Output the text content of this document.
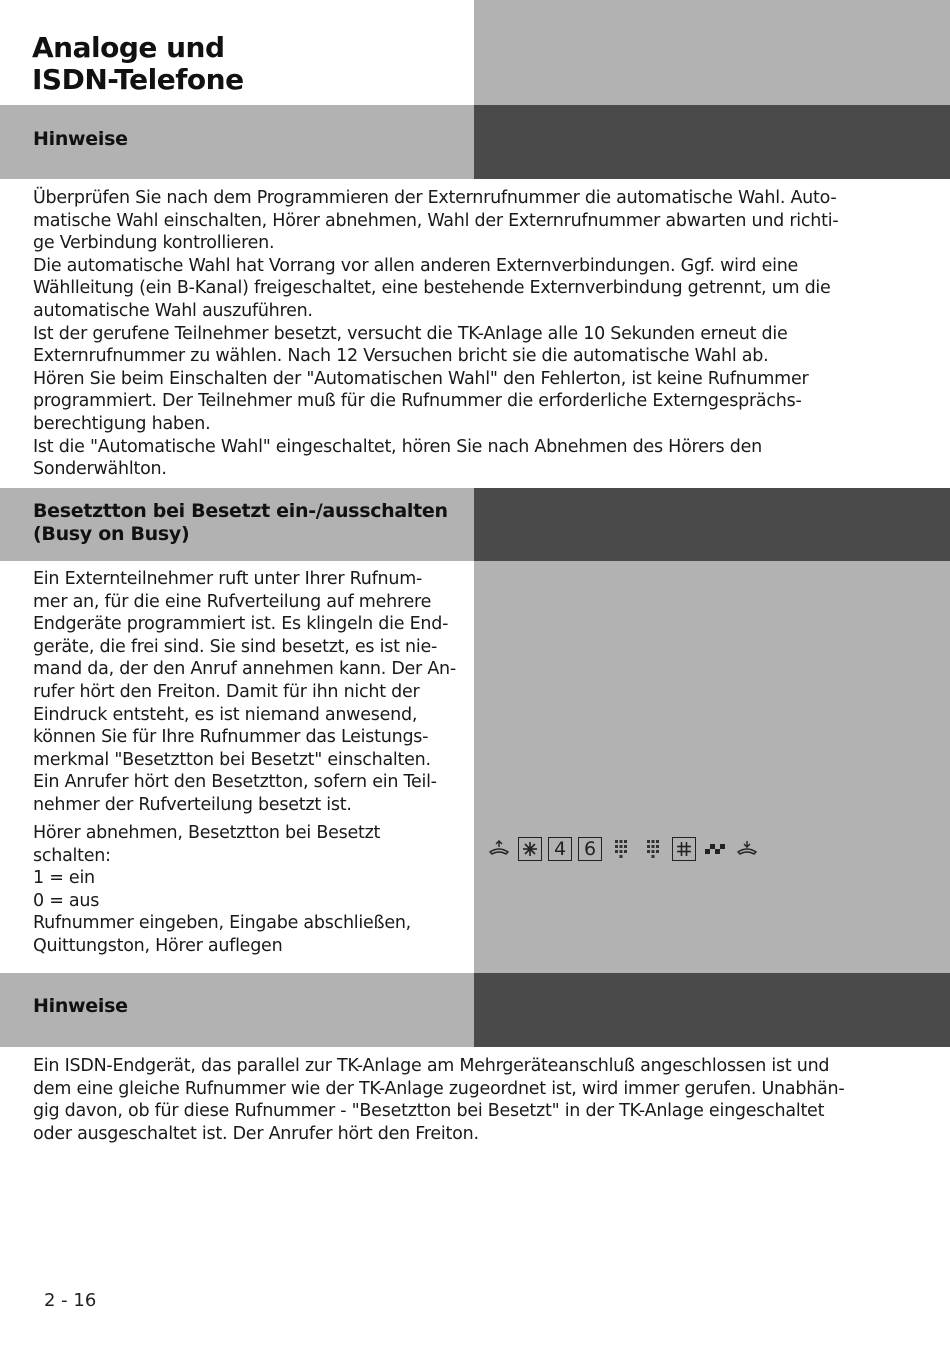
Analoge und
ISDN-Telefone
Hinweise

Überprüfen Sie nach dem Programmieren der Externrufnummer die automatische Wahl. Auto-

matische Wahl einschalten, Hörer abnehmen, Wahl der Externrufnummer abwarten und richti-

ge Verbindung kontrollieren.

Die automatische Wahl hat Vorrang vor allen anderen Externverbindungen. Ggf. wird eine

Wählleitung (ein B-Kanal) freigeschaltet, eine bestehende Externverbindung getrennt, um die

automatische Wahl auszuführen.

Ist der gerufene Teilnehmer besetzt, versucht die TK-Anlage alle 10 Sekunden erneut die

Externrufnummer zu wählen. Nach 12 Versuchen bricht sie die automatische Wahl ab.

Hören Sie beim Einschalten der "Automatischen Wahl" den Fehlerton, ist keine Rufnummer

programmiert. Der Teilnehmer muß für die Rufnummer die erforderliche Externgesprächs-

berechtigung haben.

Ist die "Automatische Wahl" eingeschaltet, hören Sie nach Abnehmen des Hörers den

Sonderwählton.

Besetztton bei Besetzt ein-/ausschalten
(Busy on Busy)

Ein Externteilnehmer ruft unter Ihrer Rufnum-

mer an, für die eine Rufverteilung auf mehrere

Endgeräte programmiert ist. Es klingeln die End-

geräte, die frei sind. Sie sind besetzt, es ist nie-

mand da, der den Anruf annehmen kann. Der An-

rufer hört den Freiton. Damit für ihn nicht der

Eindruck entsteht, es ist niemand anwesend,

können Sie für Ihre Rufnummer das Leistungs-

merkmal "Besetztton bei Besetzt" einschalten.

Ein Anrufer hört den Besetztton, sofern ein Teil-

nehmer der Rufverteilung besetzt ist.

Hörer abnehmen, Besetztton bei Besetzt

schalten:

1 = ein

0 = aus

Rufnummer eingeben, Eingabe abschließen,

Quittungston, Hörer auflegen

4 6
Hinweise

Ein ISDN-Endgerät, das parallel zur TK-Anlage am Mehrgeräteanschluß angeschlossen ist und

dem eine gleiche Rufnummer wie der TK-Anlage zugeordnet ist, wird immer gerufen. Unabhän-

gig davon, ob für diese Rufnummer - "Besetztton bei Besetzt" in der TK-Anlage eingeschaltet

oder ausgeschaltet ist. Der Anrufer hört den Freiton.

2 - 16
